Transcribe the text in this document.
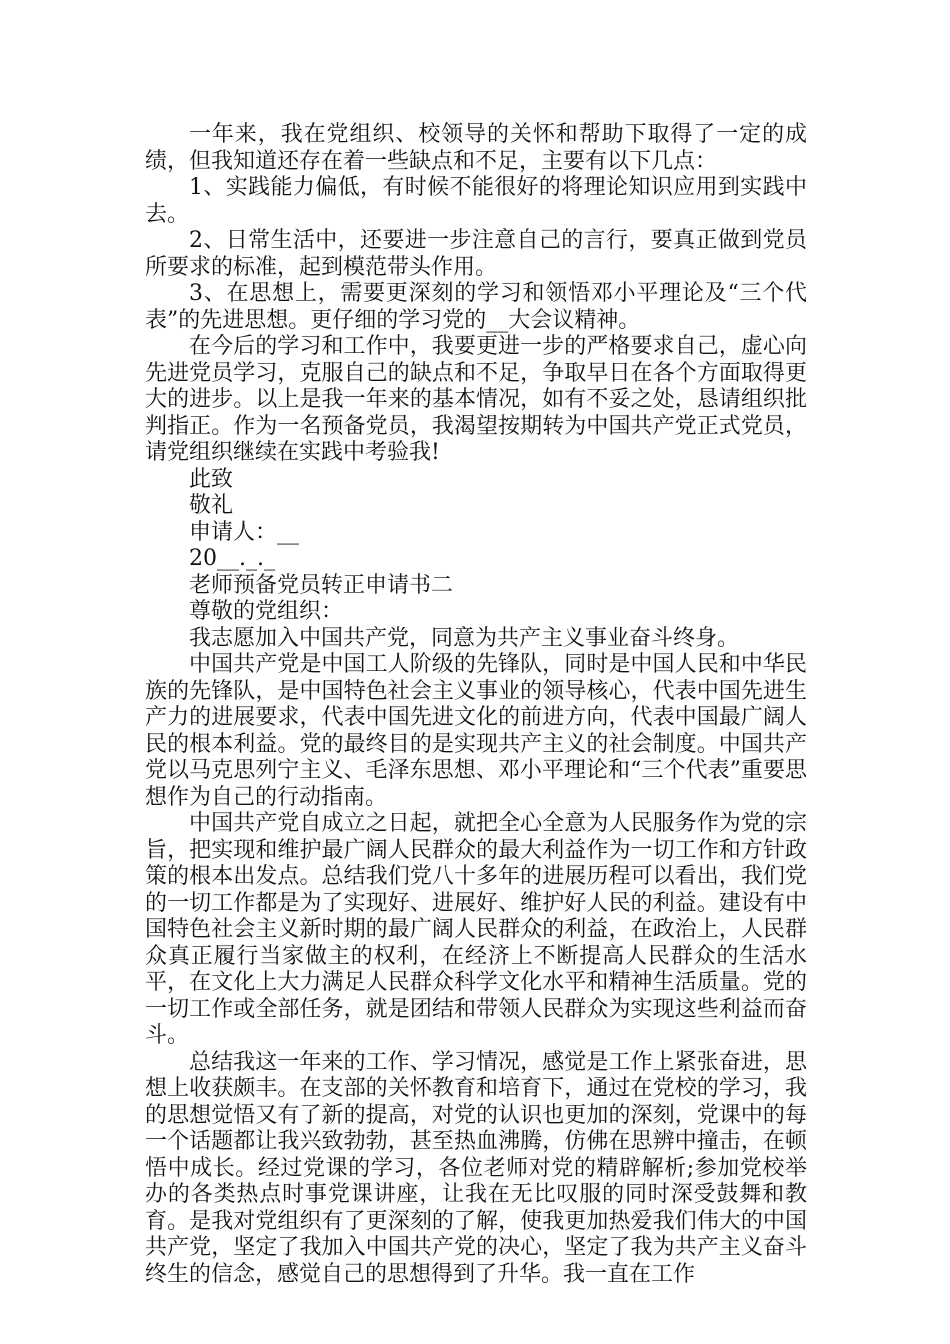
一年来，我在党组织、校领导的关怀和帮助下取得了一定的成绩，但我知道还存在着一些缺点和不足，主要有以下几点：

1、实践能力偏低，有时候不能很好的将理论知识应用到实践中去。

2、日常生活中，还要进一步注意自己的言行，要真正做到党员所要求的标准，起到模范带头作用。

3、在思想上，需要更深刻的学习和领悟邓小平理论及“三个代表”的先进思想。更仔细的学习党的__大会议精神。

在今后的学习和工作中，我要更进一步的严格要求自己，虚心向先进党员学习，克服自己的缺点和不足，争取早日在各个方面取得更大的进步。以上是我一年来的基本情况，如有不妥之处，恳请组织批判指正。作为一名预备党员，我渴望按期转为中国共产党正式党员，请党组织继续在实践中考验我!

此致

敬礼

申请人：__

20__._._

老师预备党员转正申请书二

尊敬的党组织：

我志愿加入中国共产党，同意为共产主义事业奋斗终身。

中国共产党是中国工人阶级的先锋队，同时是中国人民和中华民族的先锋队，是中国特色社会主义事业的领导核心，代表中国先进生产力的进展要求，代表中国先进文化的前进方向，代表中国最广阔人民的根本利益。党的最终目的是实现共产主义的社会制度。中国共产党以马克思列宁主义、毛泽东思想、邓小平理论和“三个代表”重要思想作为自己的行动指南。

中国共产党自成立之日起，就把全心全意为人民服务作为党的宗旨，把实现和维护最广阔人民群众的最大利益作为一切工作和方针政策的根本出发点。总结我们党八十多年的进展历程可以看出，我们党的一切工作都是为了实现好、进展好、维护好人民的利益。建设有中国特色社会主义新时期的最广阔人民群众的利益，在政治上，人民群众真正履行当家做主的权利，在经济上不断提高人民群众的生活水平，在文化上大力满足人民群众科学文化水平和精神生活质量。党的一切工作或全部任务，就是团结和带领人民群众为实现这些利益而奋斗。

总结我这一年来的工作、学习情况，感觉是工作上紧张奋进，思想上收获颇丰。在支部的关怀教育和培育下，通过在党校的学习，我的思想觉悟又有了新的提高，对党的认识也更加的深刻，党课中的每一个话题都让我兴致勃勃，甚至热血沸腾，仿佛在思辨中撞击，在顿悟中成长。经过党课的学习，各位老师对党的精辟解析;参加党校举办的各类热点时事党课讲座，让我在无比叹服的同时深受鼓舞和教育。是我对党组织有了更深刻的了解，使我更加热爱我们伟大的中国共产党，坚定了我加入中国共产党的决心，坚定了我为共产主义奋斗终生的信念，感觉自己的思想得到了升华。我一直在工作
